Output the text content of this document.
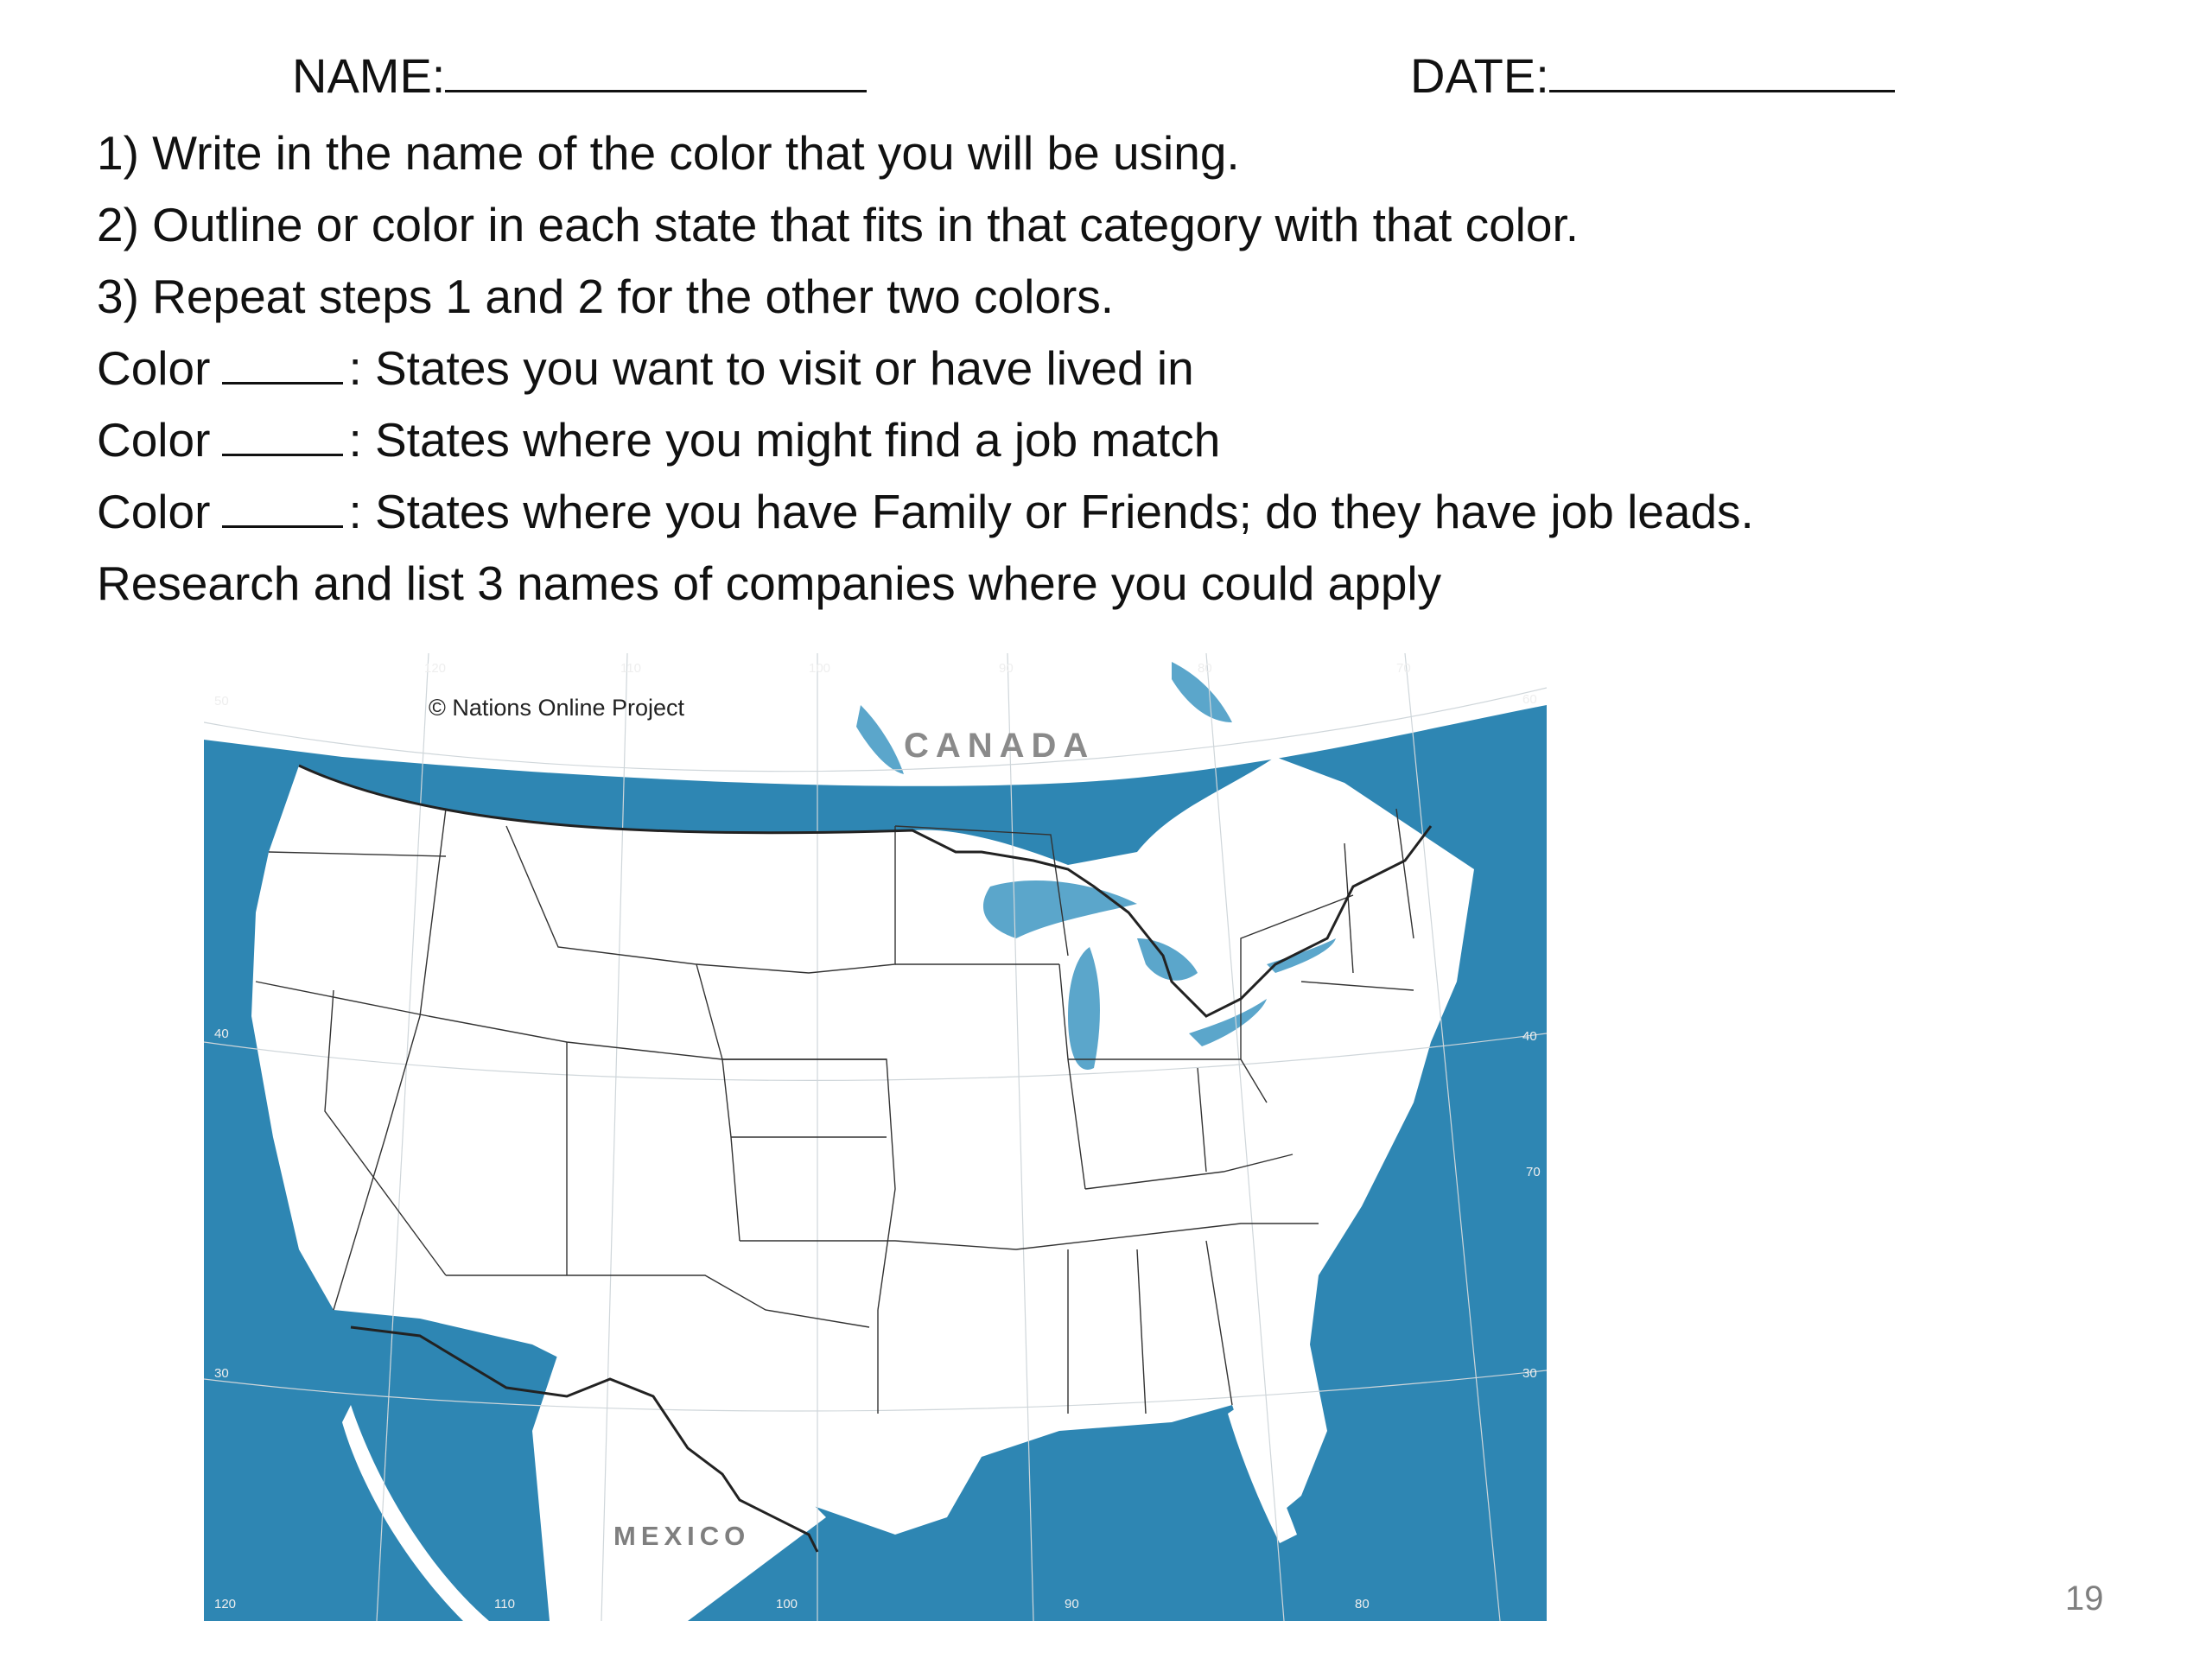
NAME:	DATE:
1) Write in the name of the color that you will be using.
2) Outline or color in each state that fits in that category with that color.
3) Repeat steps 1 and 2 for the other two colors.
Color	: States you want to visit or have lived in
Color	: States where you might find a job match
Color	: States where you have Family or Friends; do they have job leads.
Research and list 3 names of companies where you could apply
© Nations Online Project
CANADA
MEXICO
120	110	100	90	80	70
120	110	100	90	80
50
40
30
60
40
70
30
19
